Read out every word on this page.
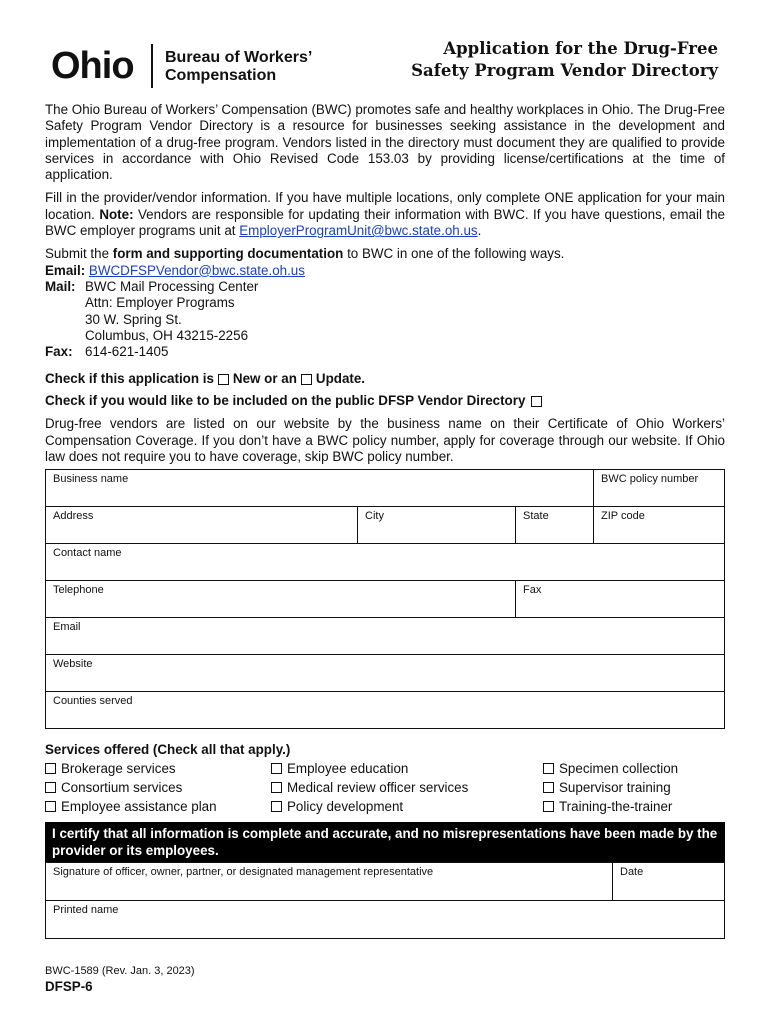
Ohio Bureau of Workers’
Compensation
Application for the Drug-Free
Safety Program Vendor Directory

The Ohio Bureau of Workers’ Compensation (BWC) promotes safe and healthy workplaces in Ohio. The Drug-Free Safety Program Vendor Directory is a resource for businesses seeking assistance in the development and implementation of a drug-free program. Vendors listed in the directory must document they are qualified to provide services in accordance with Ohio Revised Code 153.03 by providing license/certifications at the time of application.

Fill in the provider/vendor information. If you have multiple locations, only complete ONE application for your main location. Note: Vendors are responsible for updating their information with BWC. If you have questions, email the BWC employer programs unit at EmployerProgramUnit@bwc.state.oh.us.

Submit the form and supporting documentation to BWC in one of the following ways.
Email:
BWCDFSPVendor@bwc.state.oh.us
Mail: BWC Mail Processing Center
Attn: Employer Programs
30 W. Spring St.
Columbus, OH 43215-2256
Fax: 614-621-1405
Check if this application is New or an Update.
Check if you would like to be included on the public DFSP Vendor Directory

Drug-free vendors are listed on our website by the business name on their Certificate of Ohio Workers’ Compensation Coverage. If you don’t have a BWC policy number, apply for coverage through our website. If Ohio law does not require you to have coverage, skip BWC policy number.

Business name			BWC policy number
Address	City	State	ZIP code
Contact name			
Telephone		Fax	
Email			
Website			
Counties served			
Services offered (Check all that apply.)
Brokerage services
Consortium services
Employee assistance plan
Employee education
Medical review officer services
Policy development
Specimen collection
Supervisor training
Training-the-trainer
I certify that all information is complete and accurate, and no misrepresentations have been made by the provider or its employees.
Signature of officer, owner, partner, or designated management representative	Date
Printed name
BWC-1589 (Rev. Jan. 3, 2023)
DFSP-6
